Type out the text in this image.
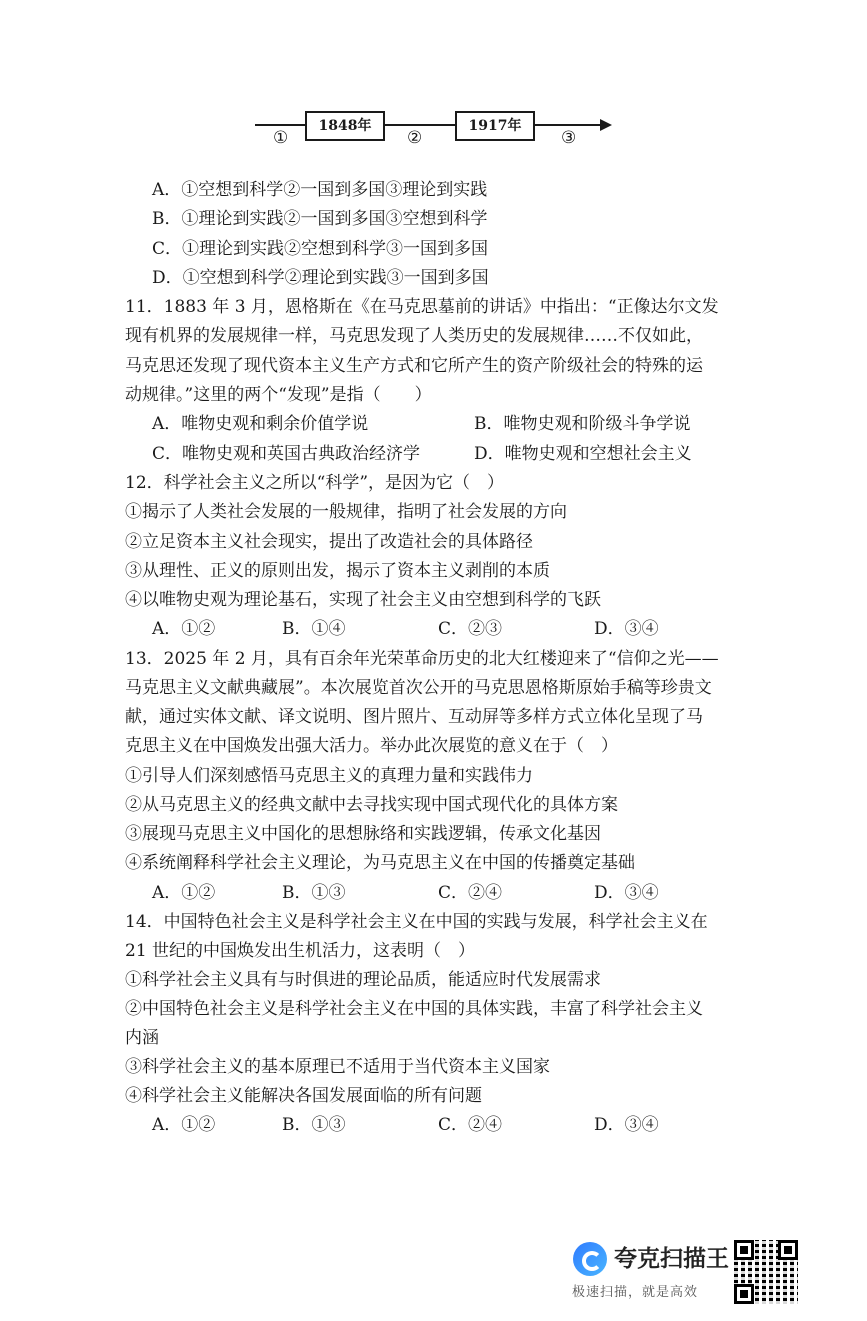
①
1848年
②
1917年
③
A．①空想到科学②一国到多国③理论到实践
B．①理论到实践②一国到多国③空想到科学
C．①理论到实践②空想到科学③一国到多国
D．①空想到科学②理论到实践③一国到多国
11．1883 年 3 月，恩格斯在《在马克思墓前的讲话》中指出：“正像达尔文发
现有机界的发展规律一样，马克思发现了人类历史的发展规律……不仅如此，
马克思还发现了现代资本主义生产方式和它所产生的资产阶级社会的特殊的运
动规律。”这里的两个“发现”是指（　　）
A．唯物史观和剩余价值学说	B．唯物史观和阶级斗争学说
C．唯物史观和英国古典政治经济学	D．唯物史观和空想社会主义
12．科学社会主义之所以“科学”，是因为它（　）
①揭示了人类社会发展的一般规律，指明了社会发展的方向
②立足资本主义社会现实，提出了改造社会的具体路径
③从理性、正义的原则出发，揭示了资本主义剥削的本质
④以唯物史观为理论基石，实现了社会主义由空想到科学的飞跃
A．①②	B．①④	C．②③	D．③④
13．2025 年 2 月，具有百余年光荣革命历史的北大红楼迎来了“信仰之光——
马克思主义文献典藏展”。本次展览首次公开的马克思恩格斯原始手稿等珍贵文
献，通过实体文献、译文说明、图片照片、互动屏等多样方式立体化呈现了马
克思主义在中国焕发出强大活力。举办此次展览的意义在于（　）
①引导人们深刻感悟马克思主义的真理力量和实践伟力
②从马克思主义的经典文献中去寻找实现中国式现代化的具体方案
③展现马克思主义中国化的思想脉络和实践逻辑，传承文化基因
④系统阐释科学社会主义理论，为马克思主义在中国的传播奠定基础
A．①②	B．①③	C．②④	D．③④
14．中国特色社会主义是科学社会主义在中国的实践与发展，科学社会主义在
21 世纪的中国焕发出生机活力，这表明（　）
①科学社会主义具有与时俱进的理论品质，能适应时代发展需求
②中国特色社会主义是科学社会主义在中国的具体实践，丰富了科学社会主义
内涵
③科学社会主义的基本原理已不适用于当代资本主义国家
④科学社会主义能解决各国发展面临的所有问题
A．①②	B．①③	C．②④	D．③④
夸克扫描王
极速扫描，就是高效
